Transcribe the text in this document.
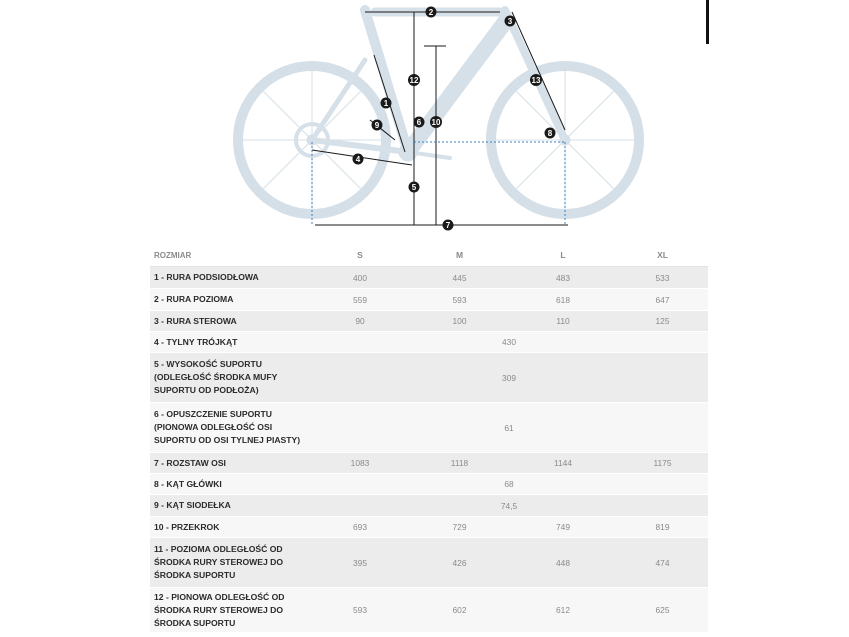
2
3
12	13
1
6 10
9
8
4
5
7
ROZMIAR	S	M	L	XL
1 - RURA PODSIODŁOWA	400	445	483	533
2 - RURA POZIOMA	559	593	618	647
3 - RURA STEROWA	90	100	110	125
4 - TYLNY TRÓJKĄT	430			

5 - WYSOKOŚĆ SUPORTU
(ODLEGŁOŚĆ ŚRODKA MUFY
SUPORTU OD PODŁOŻA)	309			

6 - OPUSZCZENIE SUPORTU
(PIONOWA ODLEGŁOŚĆ OSI
SUPORTU OD OSI TYLNEJ PIASTY)	61			
7 - ROZSTAW OSI	1083	1118	1144	1175
8 - KĄT GŁÓWKI	68			
9 - KĄT SIODEŁKA	74,5			
10 - PRZEKROK	693	729	749	819

11 - POZIOMA ODLEGŁOŚĆ OD
ŚRODKA RURY STEROWEJ DO
ŚRODKA SUPORTU	395	426	448	474

12 - PIONOWA ODLEGŁOŚĆ OD
ŚRODKA RURY STEROWEJ DO
ŚRODKA SUPORTU	593	602	612	625
